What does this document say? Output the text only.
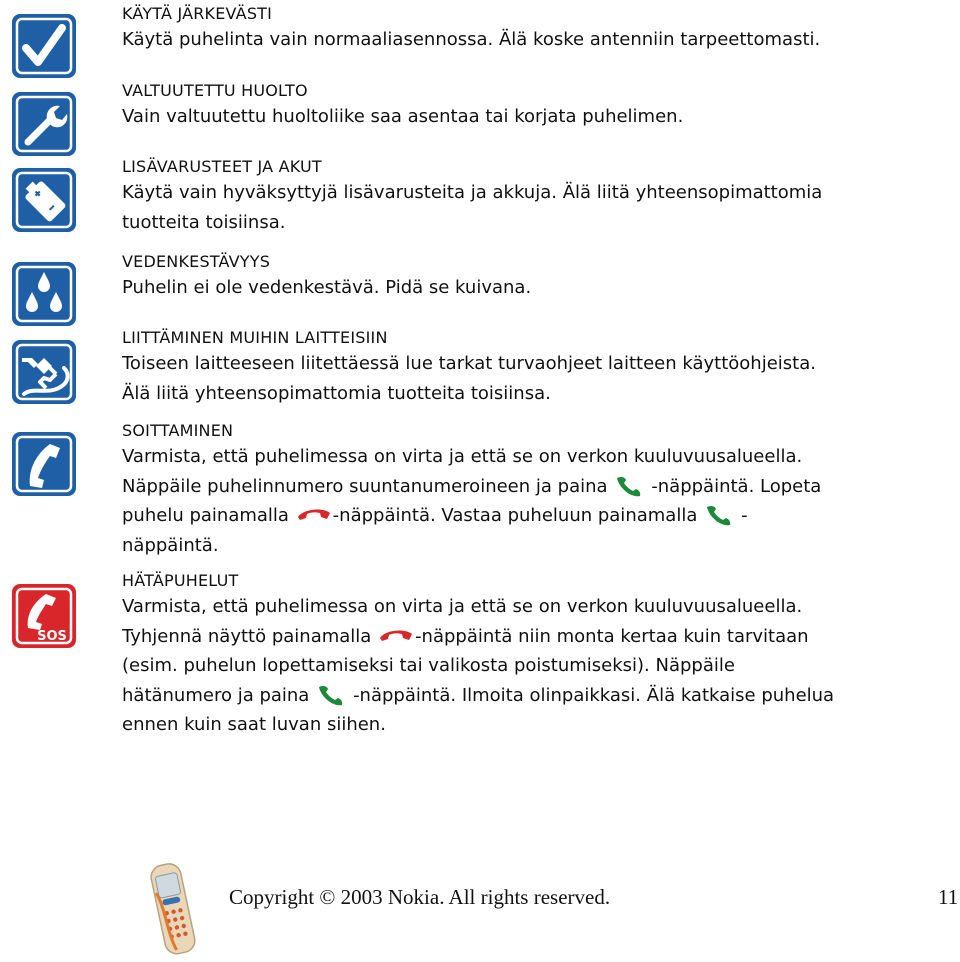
SOS

KÄYTÄ JÄRKEVÄSTI

Käytä puhelinta vain normaaliasennossa. Älä koske antenniin tarpeettomasti.

VALTUUTETTU HUOLTO

Vain valtuutettu huoltoliike saa asentaa tai korjata puhelimen.

LISÄVARUSTEET JA AKUT

Käytä vain hyväksyttyjä lisävarusteita ja akkuja. Älä liitä yhteensopimattomia

tuotteita toisiinsa.

VEDENKESTÄVYYS

Puhelin ei ole vedenkestävä. Pidä se kuivana.

LIITTÄMINEN MUIHIN LAITTEISIIN

Toiseen laitteeseen liitettäessä lue tarkat turvaohjeet laitteen käyttöohjeista.

Älä liitä yhteensopimattomia tuotteita toisiinsa.

SOITTAMINEN

Varmista, että puhelimessa on virta ja että se on verkon kuuluvuusalueella.

Näppäile puhelinnumero suuntanumeroineen ja paina
-näppäintä. Lopeta

puhelu painamalla
-näppäintä. Vastaa puheluun painamalla
-

näppäintä.

HÄTÄPUHELUT

Varmista, että puhelimessa on virta ja että se on verkon kuuluvuusalueella.

Tyhjennä näyttö painamalla
-näppäintä niin monta kertaa kuin tarvitaan

(esim. puhelun lopettamiseksi tai valikosta poistumiseksi). Näppäile

hätänumero ja paina
-näppäintä. Ilmoita olinpaikkasi. Älä katkaise puhelua

ennen kuin saat luvan siihen.

Copyright © 2003 Nokia. All rights reserved.	11
